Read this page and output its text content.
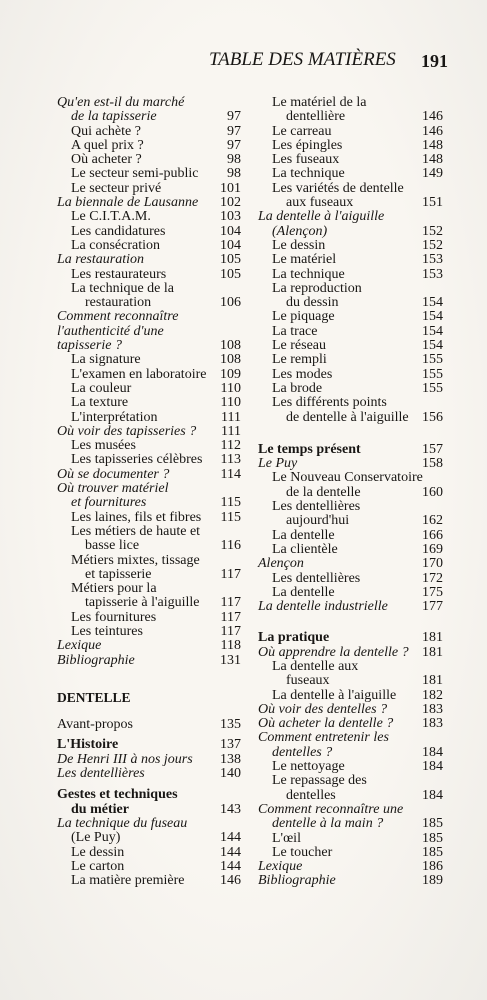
TABLE DES MATIÈRES 191
Qu'en est-il du marché
de la tapisserie	97
Qui achète ?	97
A quel prix ?	97
Où acheter ?	98
Le secteur semi-public	98
Le secteur privé	101
La biennale de Lausanne	102
Le C.I.T.A.M.	103
Les candidatures	104
La consécration	104
La restauration	105
Les restaurateurs	105
La technique de la
restauration	106
Comment reconnaître
l'authenticité d'une
tapisserie ?	108
La signature	108
L'examen en laboratoire 109
La couleur	110
La texture	110
L'interprétation	111
Où voir des tapisseries ?	111
Les musées	112
Les tapisseries célèbres	113
Où se documenter ?	114
Où trouver matériel
et fournitures	115
Les laines, fils et fibres	115
Les métiers de haute et
basse lice	116
Métiers mixtes, tissage
et tapisserie	117
Métiers pour la
tapisserie à l'aiguille	117
Les fournitures	117
Les teintures	117
Lexique	118
Bibliographie	131
DENTELLE
Avant-propos	135
L'Histoire	137
De Henri III à nos jours	138
Les dentellières	140
Gestes et techniques
du métier	143
La technique du fuseau
(Le Puy)	144
Le dessin	144
Le carton	144
La matière première	146
Le matériel de la
dentellière	146
Le carreau	146
Les épingles	148
Les fuseaux	148
La technique	149
Les variétés de dentelle
aux fuseaux	151
La dentelle à l'aiguille
(Alençon)	152
Le dessin	152
Le matériel	153
La technique	153
La reproduction
du dessin	154
Le piquage	154
La trace	154
Le réseau	154
Le rempli	155
Les modes	155
La brode	155
Les différents points
de dentelle à l'aiguille 156
Le temps présent	157
Le Puy	158
Le Nouveau Conservatoire
de la dentelle	160
Les dentellières
aujourd'hui	162
La dentelle	166
La clientèle	169
Alençon	170
Les dentellières	172
La dentelle	175
La dentelle industrielle	177
La pratique	181
Où apprendre la dentelle ? 181
La dentelle aux
fuseaux	181
La dentelle à l'aiguille	182
Où voir des dentelles ?	183
Où acheter la dentelle ?	183
Comment entretenir les
dentelles ?	184
Le nettoyage	184
Le repassage des
dentelles	184
Comment reconnaître une
dentelle à la main ?	185
L'œil	185
Le toucher	185
Lexique	186
Bibliographie	189
